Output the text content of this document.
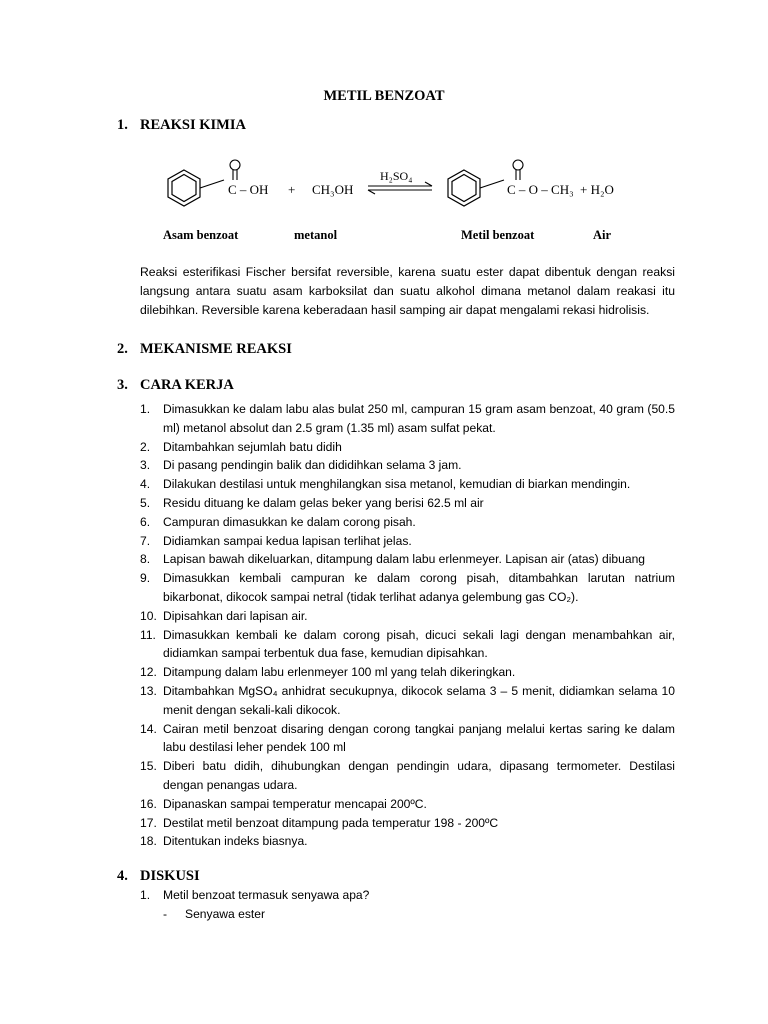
METIL BENZOAT
1. REAKSI KIMIA
C – OH + CH₃OH
H₂SO₄
C – O – CH₃ + H₂O
Asam benzoat	metanol	Metil benzoat	Air
Reaksi esterifikasi Fischer bersifat reversible, karena suatu ester dapat dibentuk dengan reaksi langsung antara suatu asam karboksilat dan suatu alkohol dimana metanol dalam reakasi itu dilebihkan. Reversible karena keberadaan hasil samping air dapat mengalami rekasi hidrolisis.
2. MEKANISME REAKSI
3. CARA KERJA
1. Dimasukkan ke dalam labu alas bulat 250 ml, campuran 15 gram asam benzoat, 40 gram (50.5 ml) metanol absolut dan 2.5 gram (1.35 ml) asam sulfat pekat.
2. Ditambahkan sejumlah batu didih
3. Di pasang pendingin balik dan dididihkan selama 3 jam.
4. Dilakukan destilasi untuk menghilangkan sisa metanol, kemudian di biarkan mendingin.
5. Residu dituang ke dalam gelas beker yang berisi 62.5 ml air
6. Campuran dimasukkan ke dalam corong pisah.
7. Didiamkan sampai kedua lapisan terlihat jelas.
8. Lapisan bawah dikeluarkan, ditampung dalam labu erlenmeyer. Lapisan air (atas) dibuang
9. Dimasukkan kembali campuran ke dalam corong pisah, ditambahkan larutan natrium bikarbonat, dikocok sampai netral (tidak terlihat adanya gelembung gas CO₂).
10. Dipisahkan dari lapisan air.
11. Dimasukkan kembali ke dalam corong pisah, dicuci sekali lagi dengan menambahkan air, didiamkan sampai terbentuk dua fase, kemudian dipisahkan.
12. Ditampung dalam labu erlenmeyer 100 ml yang telah dikeringkan.
13. Ditambahkan MgSO₄ anhidrat secukupnya, dikocok selama 3 – 5 menit, didiamkan selama 10 menit dengan sekali-kali dikocok.
14. Cairan metil benzoat disaring dengan corong tangkai panjang melalui kertas saring ke dalam labu destilasi leher pendek 100 ml
15. Diberi batu didih, dihubungkan dengan pendingin udara, dipasang termometer. Destilasi dengan penangas udara.
16. Dipanaskan sampai temperatur mencapai 200ºC.
17. Destilat metil benzoat ditampung pada temperatur 198 - 200ºC
18. Ditentukan indeks biasnya.
4. DISKUSI
1. Metil benzoat termasuk senyawa apa?
- Senyawa ester
